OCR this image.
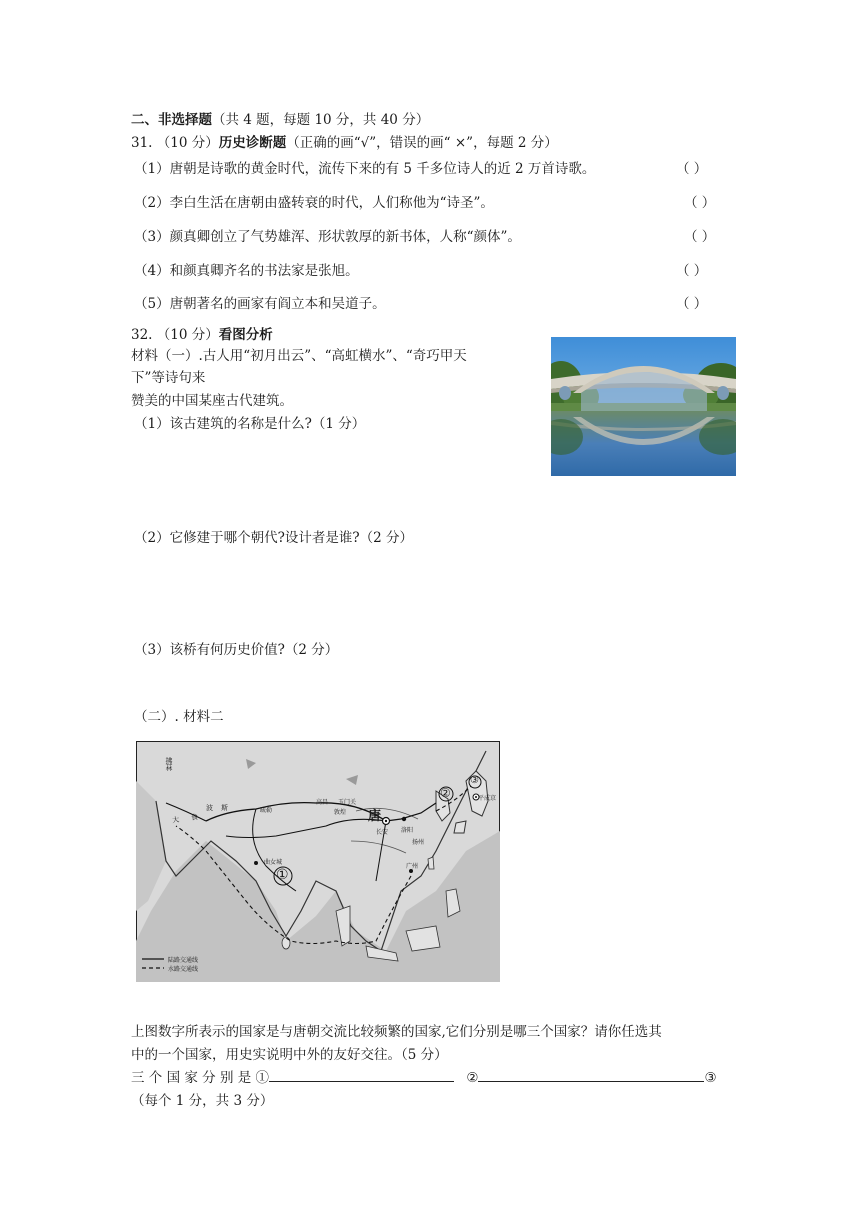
二、非选择题（共 4 题，每题 10 分，共 40 分）
31. （10 分）历史诊断题（正确的画“√”，错误的画“ ×”，每题 2 分）
（1）唐朝是诗歌的黄金时代，流传下来的有 5 千多位诗人的近 2 万首诗歌。	（ ）
（2）李白生活在唐朝由盛转衰的时代，人们称他为“诗圣”。	（ ）
（3）颜真卿创立了气势雄浑、形状敦厚的新书体，人称“颜体”。	（ ）
（4）和颜真卿齐名的书法家是张旭。	（ ）
（5）唐朝著名的画家有阎立本和吴道子。	（ ）
32. （10 分）看图分析
材料（一）.古人用“初月出云”、“高虹横水”、“奇巧甲天
下”等诗句来
赞美的中国某座古代建筑。
（1）该古建筑的名称是什么?（1 分）
（2）它修建于哪个朝代?设计者是谁?（2 分）
（3）该桥有何历史价值?（2 分）
（二）. 材料二
唐
长安 洛阳
敦煌
高昌 玉门关
扬州
广州
平成京
曲女城
波斯
大食
拂菻
疏勒
①
②
③
陆路交通线
水路交通线
上图数字所表示的国家是与唐朝交流比较频繁的国家,它们分别是哪三个国家？请你任选其
中的一个国家，用史实说明中外的友好交往。（5 分）
三 个 国 家 分 别 是 ①	②	③
（每个 1 分，共 3 分）
